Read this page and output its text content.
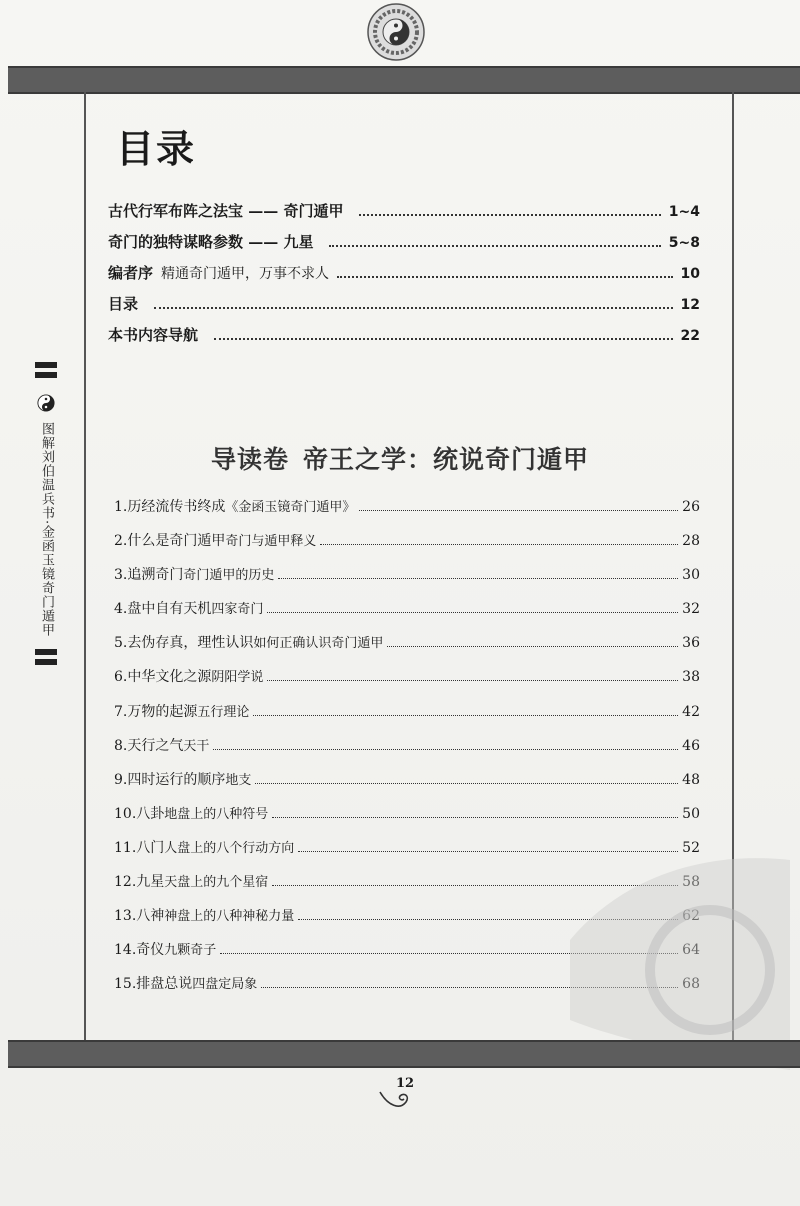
图解刘伯温兵书·金函玉镜奇门遁甲
目录
古代行军布阵之法宝 —— 奇门遁甲	1~4
奇门的独特谋略参数 —— 九星	5~8
编者序 精通奇门遁甲，万事不求人	10
目录	12
本书内容导航	22
导读卷 帝王之学：统说奇门遁甲
1.历经流传书终成 《金函玉镜奇门遁甲》	26
2.什么是奇门遁甲 奇门与遁甲释义	28
3.追溯奇门 奇门遁甲的历史	30
4.盘中自有天机 四家奇门	32
5.去伪存真，理性认识 如何正确认识奇门遁甲	36
6.中华文化之源 阴阳学说	38
7.万物的起源 五行理论	42
8.天行之气 天干	46
9.四时运行的顺序 地支	48
10.八卦 地盘上的八种符号	50
11.八门 人盘上的八个行动方向	52
12.九星 天盘上的九个星宿	58
13.八神 神盘上的八种神秘力量	62
14.奇仪 九颗奇子	64
15.排盘总说 四盘定局象	68
12
